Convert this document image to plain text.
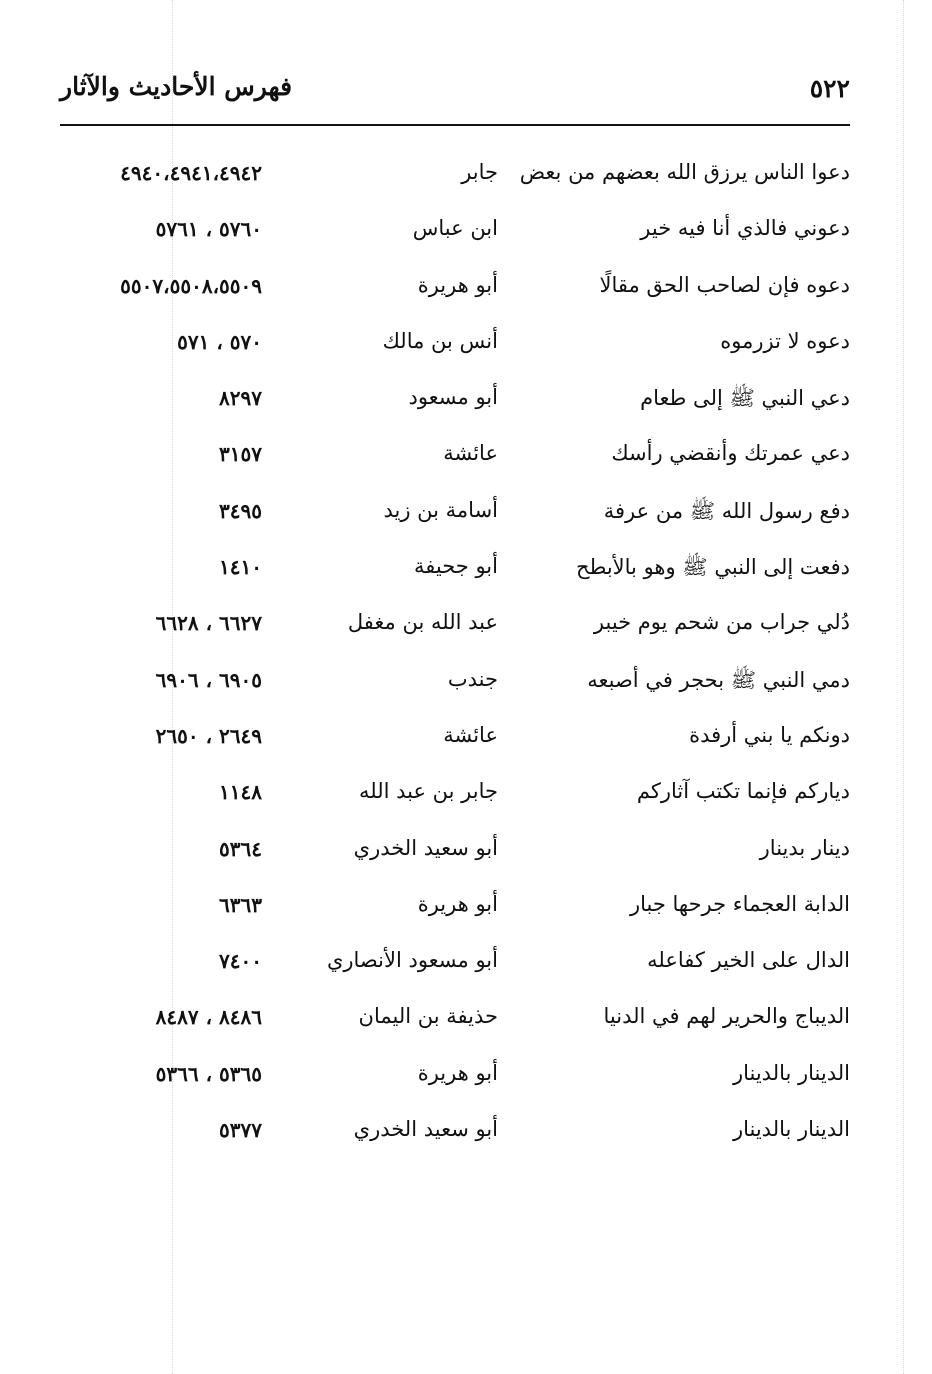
فهرس الأحاديث والآثار	٥٢٢
دعوا الناس يرزق الله بعضهم من بعض
جابر
٤٩٤٠،٤٩٤١،٤٩٤٢
دعوني فالذي أنا فيه خير
ابن عباس
٥٧٦٠ ، ٥٧٦١
دعوه فإن لصاحب الحق مقالًا
أبو هريرة
٥٥٠٧،٥٥٠٨،٥٥٠٩
دعوه لا تزرموه
أنس بن مالك
٥٧٠ ، ٥٧١
دعي النبي ﷺ إلى طعام
أبو مسعود
٨٢٩٧
دعي عمرتك وأنقضي رأسك
عائشة
٣١٥٧
دفع رسول الله ﷺ من عرفة
أسامة بن زيد
٣٤٩٥
دفعت إلى النبي ﷺ وهو بالأبطح
أبو جحيفة
١٤١٠
دُلي جراب من شحم يوم خيبر
عبد الله بن مغفل
٦٦٢٧ ، ٦٦٢٨
دمي النبي ﷺ بحجر في أصبعه
جندب
٦٩٠٥ ، ٦٩٠٦
دونكم يا بني أرفدة
عائشة
٢٦٤٩ ، ٢٦٥٠
دياركم فإنما تكتب آثاركم
جابر بن عبد الله
١١٤٨
دينار بدينار
أبو سعيد الخدري
٥٣٦٤
الدابة العجماء جرحها جبار
أبو هريرة
٦٣٦٣
الدال على الخير كفاعله
أبو مسعود الأنصاري
٧٤٠٠
الديباج والحرير لهم في الدنيا
حذيفة بن اليمان
٨٤٨٦ ، ٨٤٨٧
الدينار بالدينار
أبو هريرة
٥٣٦٥ ، ٥٣٦٦
الدينار بالدينار
أبو سعيد الخدري
٥٣٧٧
